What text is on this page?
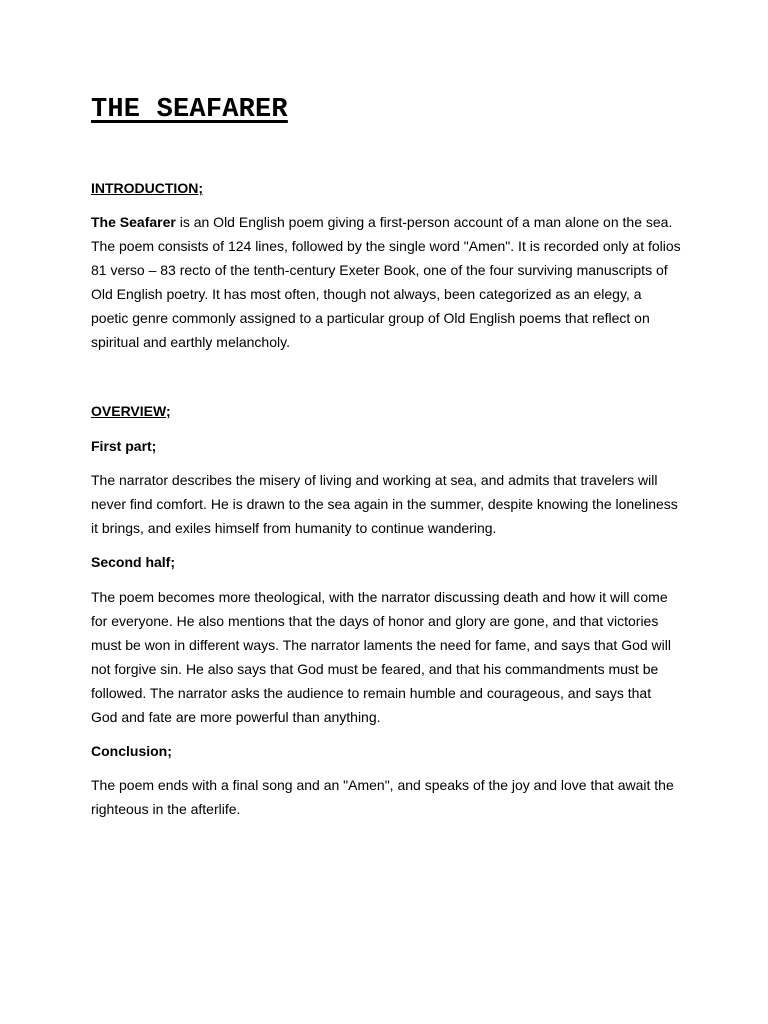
THE SEAFARER

INTRODUCTION;

The Seafarer is an Old English poem giving a first-person account of a man alone on the sea. The poem consists of 124 lines, followed by the single word "Amen". It is recorded only at folios 81 verso – 83 recto of the tenth-century Exeter Book, one of the four surviving manuscripts of Old English poetry. It has most often, though not always, been categorized as an elegy, a poetic genre commonly assigned to a particular group of Old English poems that reflect on spiritual and earthly melancholy.

OVERVIEW;

First part;

The narrator describes the misery of living and working at sea, and admits that travelers will never find comfort. He is drawn to the sea again in the summer, despite knowing the loneliness it brings, and exiles himself from humanity to continue wandering.

Second half;

The poem becomes more theological, with the narrator discussing death and how it will come for everyone. He also mentions that the days of honor and glory are gone, and that victories must be won in different ways. The narrator laments the need for fame, and says that God will not forgive sin. He also says that God must be feared, and that his commandments must be followed. The narrator asks the audience to remain humble and courageous, and says that God and fate are more powerful than anything.

Conclusion;

The poem ends with a final song and an "Amen", and speaks of the joy and love that await the righteous in the afterlife.
